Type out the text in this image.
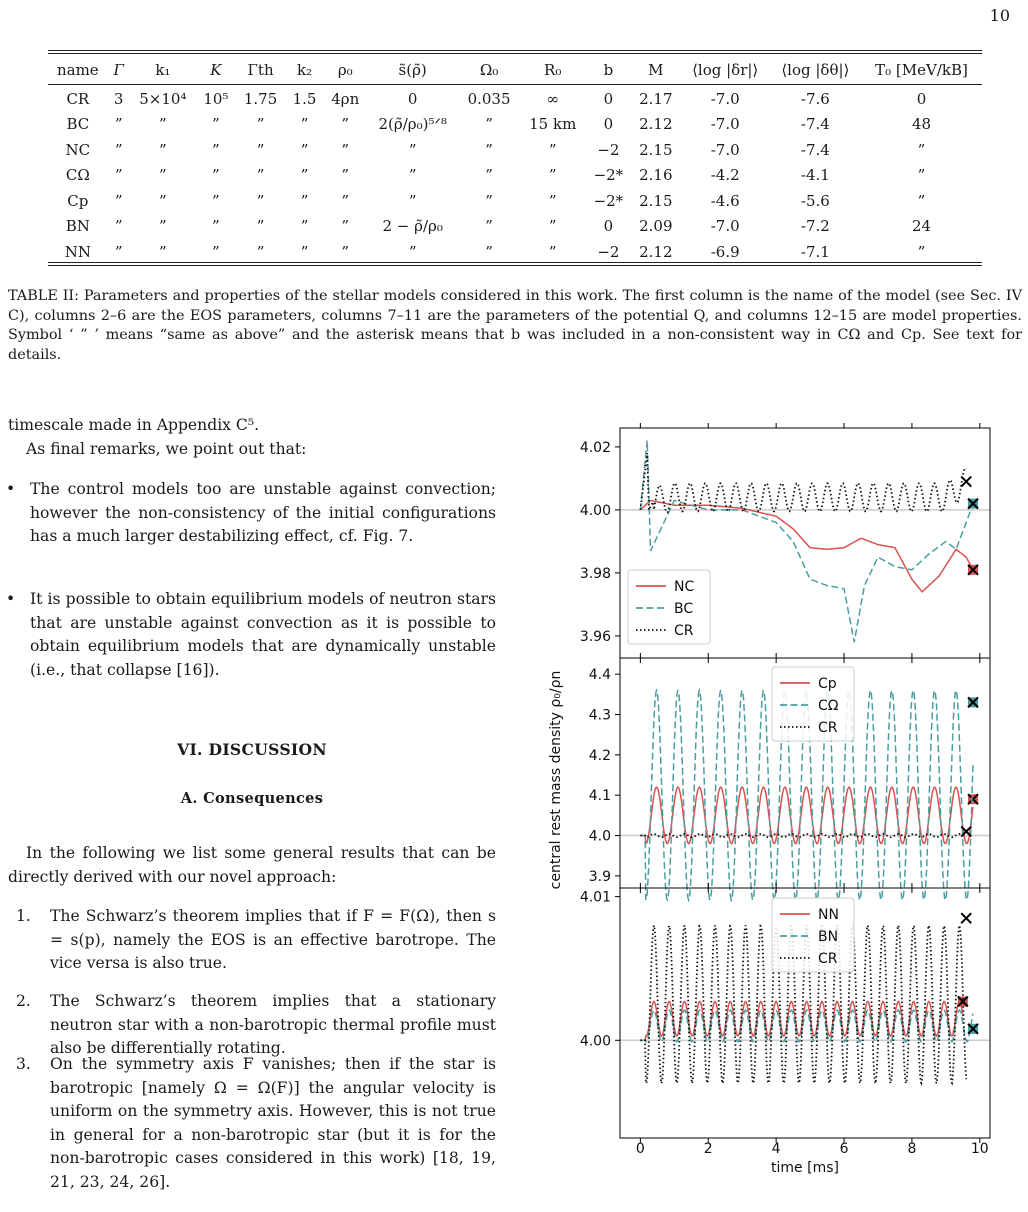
10
name	Γ	k₁	K	Γth	k₂	ρ₀	s̃(ρ̃)	Ω₀	R₀	b	M	⟨log |δr|⟩	⟨log |δθ|⟩	T₀ [MeV/kB]
CR	3	5×10⁴	10⁵	1.75	1.5	4ρn	0	0.035	∞	0	2.17	-7.0	-7.6	0
BC	”	”	”	”	”	”	2(ρ̃/ρ₀)⁵ᐟ⁸	”	15 km	0	2.12	-7.0	-7.4	48
NC	”	”	”	”	”	”	”	”	”	−2	2.15	-7.0	-7.4	”
CΩ	”	”	”	”	”	”	”	”	”	−2*	2.16	-4.2	-4.1	”
Cp	”	”	”	”	”	”	”	”	”	−2*	2.15	-4.6	-5.6	”
BN	”	”	”	”	”	”	2 − ρ̃/ρ₀	”	”	0	2.09	-7.0	-7.2	24
NN	”	”	”	”	”	”	”	”	”	−2	2.12	-6.9	-7.1	”
TABLE II: Parameters and properties of the stellar models considered in this work. The first column is the name of the model (see Sec. IV C), columns 2–6 are the EOS parameters, columns 7–11 are the parameters of the potential Q, and columns 12–15 are model properties. Symbol ‘ ” ’ means “same as above” and the asterisk means that b was included in a non-consistent way in CΩ and Cp. See text for details.
timescale made in Appendix C⁵.
As final remarks, we point out that:
• The control models too are unstable against convection; however the non-consistency of the initial configurations has a much larger destabilizing effect, cf. Fig. 7.
• It is possible to obtain equilibrium models of neutron stars that are unstable against convection as it is possible to obtain equilibrium models that are dynamically unstable (i.e., that collapse [16]).
VI. DISCUSSION
A. Consequences
In the following we list some general results that can be directly derived with our novel approach:
1. The Schwarz’s theorem implies that if F = F(Ω), then s = s(p), namely the EOS is an effective barotrope. The vice versa is also true.
2. The Schwarz’s theorem implies that a stationary neutron star with a non-barotropic thermal profile must also be differentially rotating.
3. On the symmetry axis F vanishes; then if the star is barotropic [namely Ω = Ω(F)] the angular velocity is uniform on the symmetry axis. However, this is not true in general for a non-barotropic star (but it is for the non-barotropic cases considered in this work) [18, 19, 21, 23, 24, 26].
4.02
4.00
3.98
3.96
NC
BC
CR
4.4
4.3
4.2
4.1
4.0
3.9
Cp
CΩ
CR
4.01
4.00
NN
BN
CR
0	2	4	6	8	10
time [ms]
central rest mass density ρ₀/ρn
